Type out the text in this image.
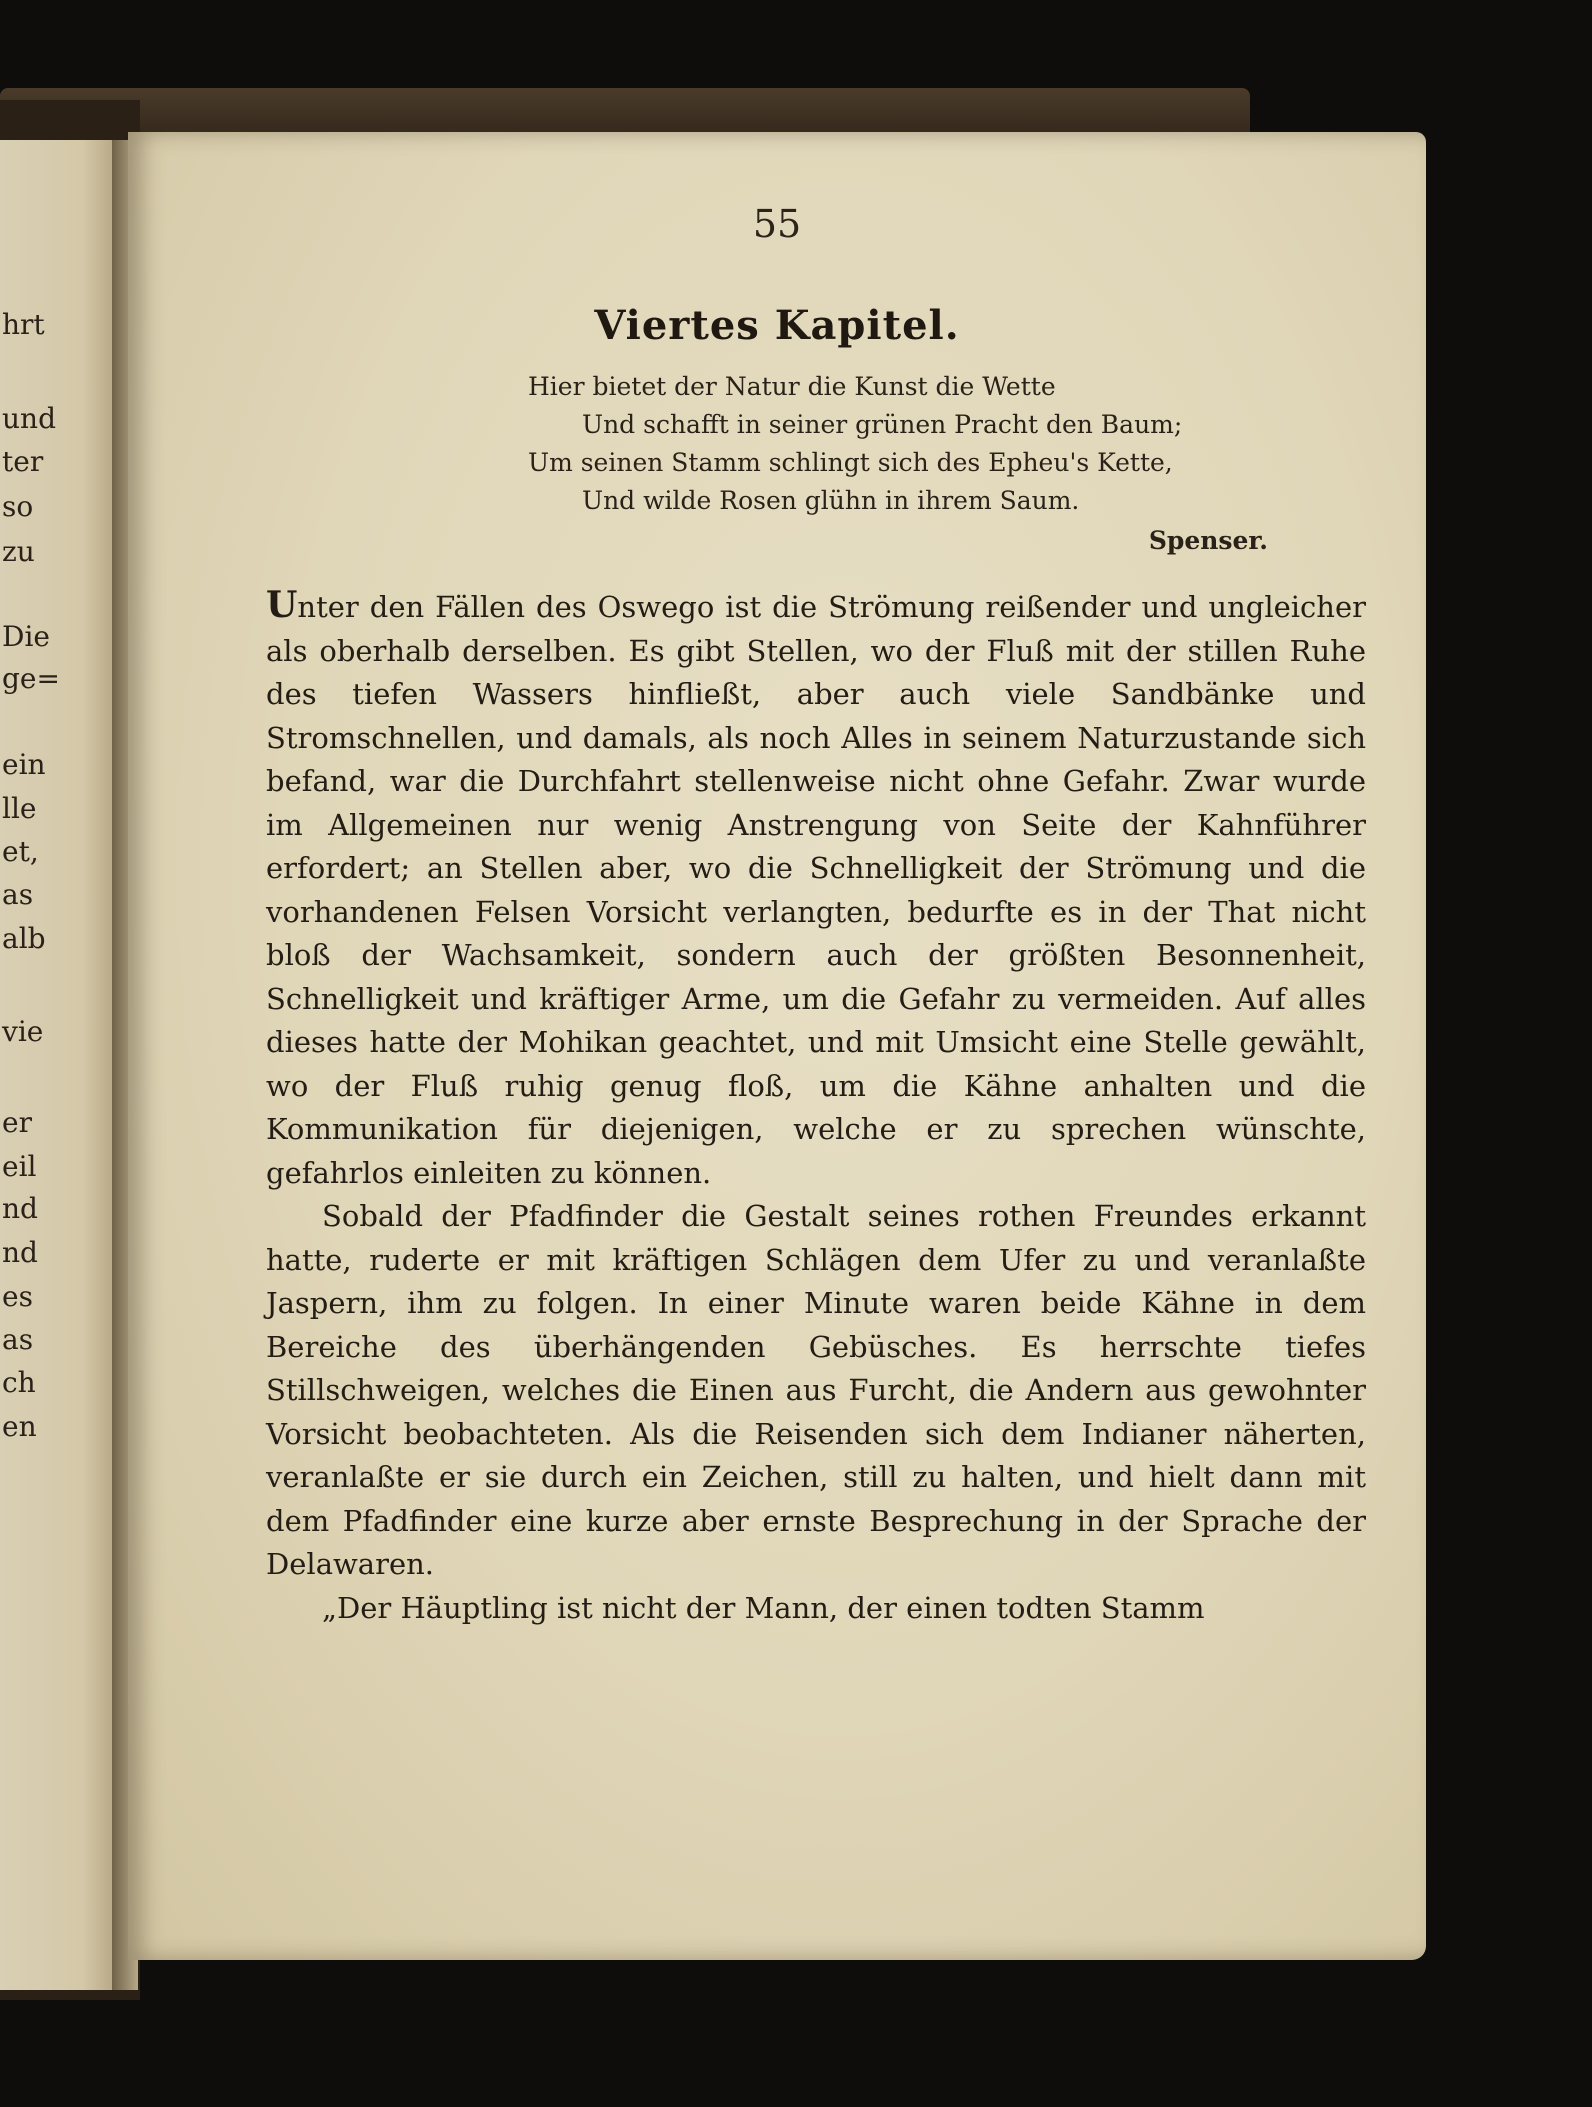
hrt
und
ter
so
zu
Die
ge=
ein
lle
et,
as
alb
vie
er
eil
nd
nd
es
as
ch
en
55
Viertes Kapitel.
Hier bietet der Natur die Kunst die Wette
Und schafft in seiner grünen Pracht den Baum;
Um seinen Stamm schlingt sich des Epheu's Kette,
Und wilde Rosen glühn in ihrem Saum.
Spenser.

Unter den Fällen des Oswego ist die Strömung reißender und ungleicher als oberhalb derselben. Es gibt Stellen, wo der Fluß mit der stillen Ruhe des tiefen Wassers hinfließt, aber auch viele Sandbänke und Stromschnellen, und damals, als noch Alles in seinem Naturzustande sich befand, war die Durchfahrt stellenweise nicht ohne Gefahr. Zwar wurde im Allgemeinen nur wenig Anstrengung von Seite der Kahnführer erfordert; an Stellen aber, wo die Schnelligkeit der Strömung und die vorhandenen Felsen Vorsicht verlangten, bedurfte es in der That nicht bloß der Wachsamkeit, sondern auch der größten Besonnenheit, Schnelligkeit und kräftiger Arme, um die Gefahr zu vermeiden. Auf alles dieses hatte der Mohikan geachtet, und mit Umsicht eine Stelle gewählt, wo der Fluß ruhig genug floß, um die Kähne anhalten und die Kommunikation für diejenigen, welche er zu sprechen wünschte, gefahrlos einleiten zu können.

Sobald der Pfadfinder die Gestalt seines rothen Freundes erkannt hatte, ruderte er mit kräftigen Schlägen dem Ufer zu und veranlaßte Jaspern, ihm zu folgen. In einer Minute waren beide Kähne in dem Bereiche des überhängenden Gebüsches. Es herrschte tiefes Stillschweigen, welches die Einen aus Furcht, die Andern aus gewohnter Vorsicht beobachteten. Als die Reisenden sich dem Indianer näherten, veranlaßte er sie durch ein Zeichen, still zu halten, und hielt dann mit dem Pfadfinder eine kurze aber ernste Besprechung in der Sprache der Delawaren.

„Der Häuptling ist nicht der Mann, der einen todten Stamm
